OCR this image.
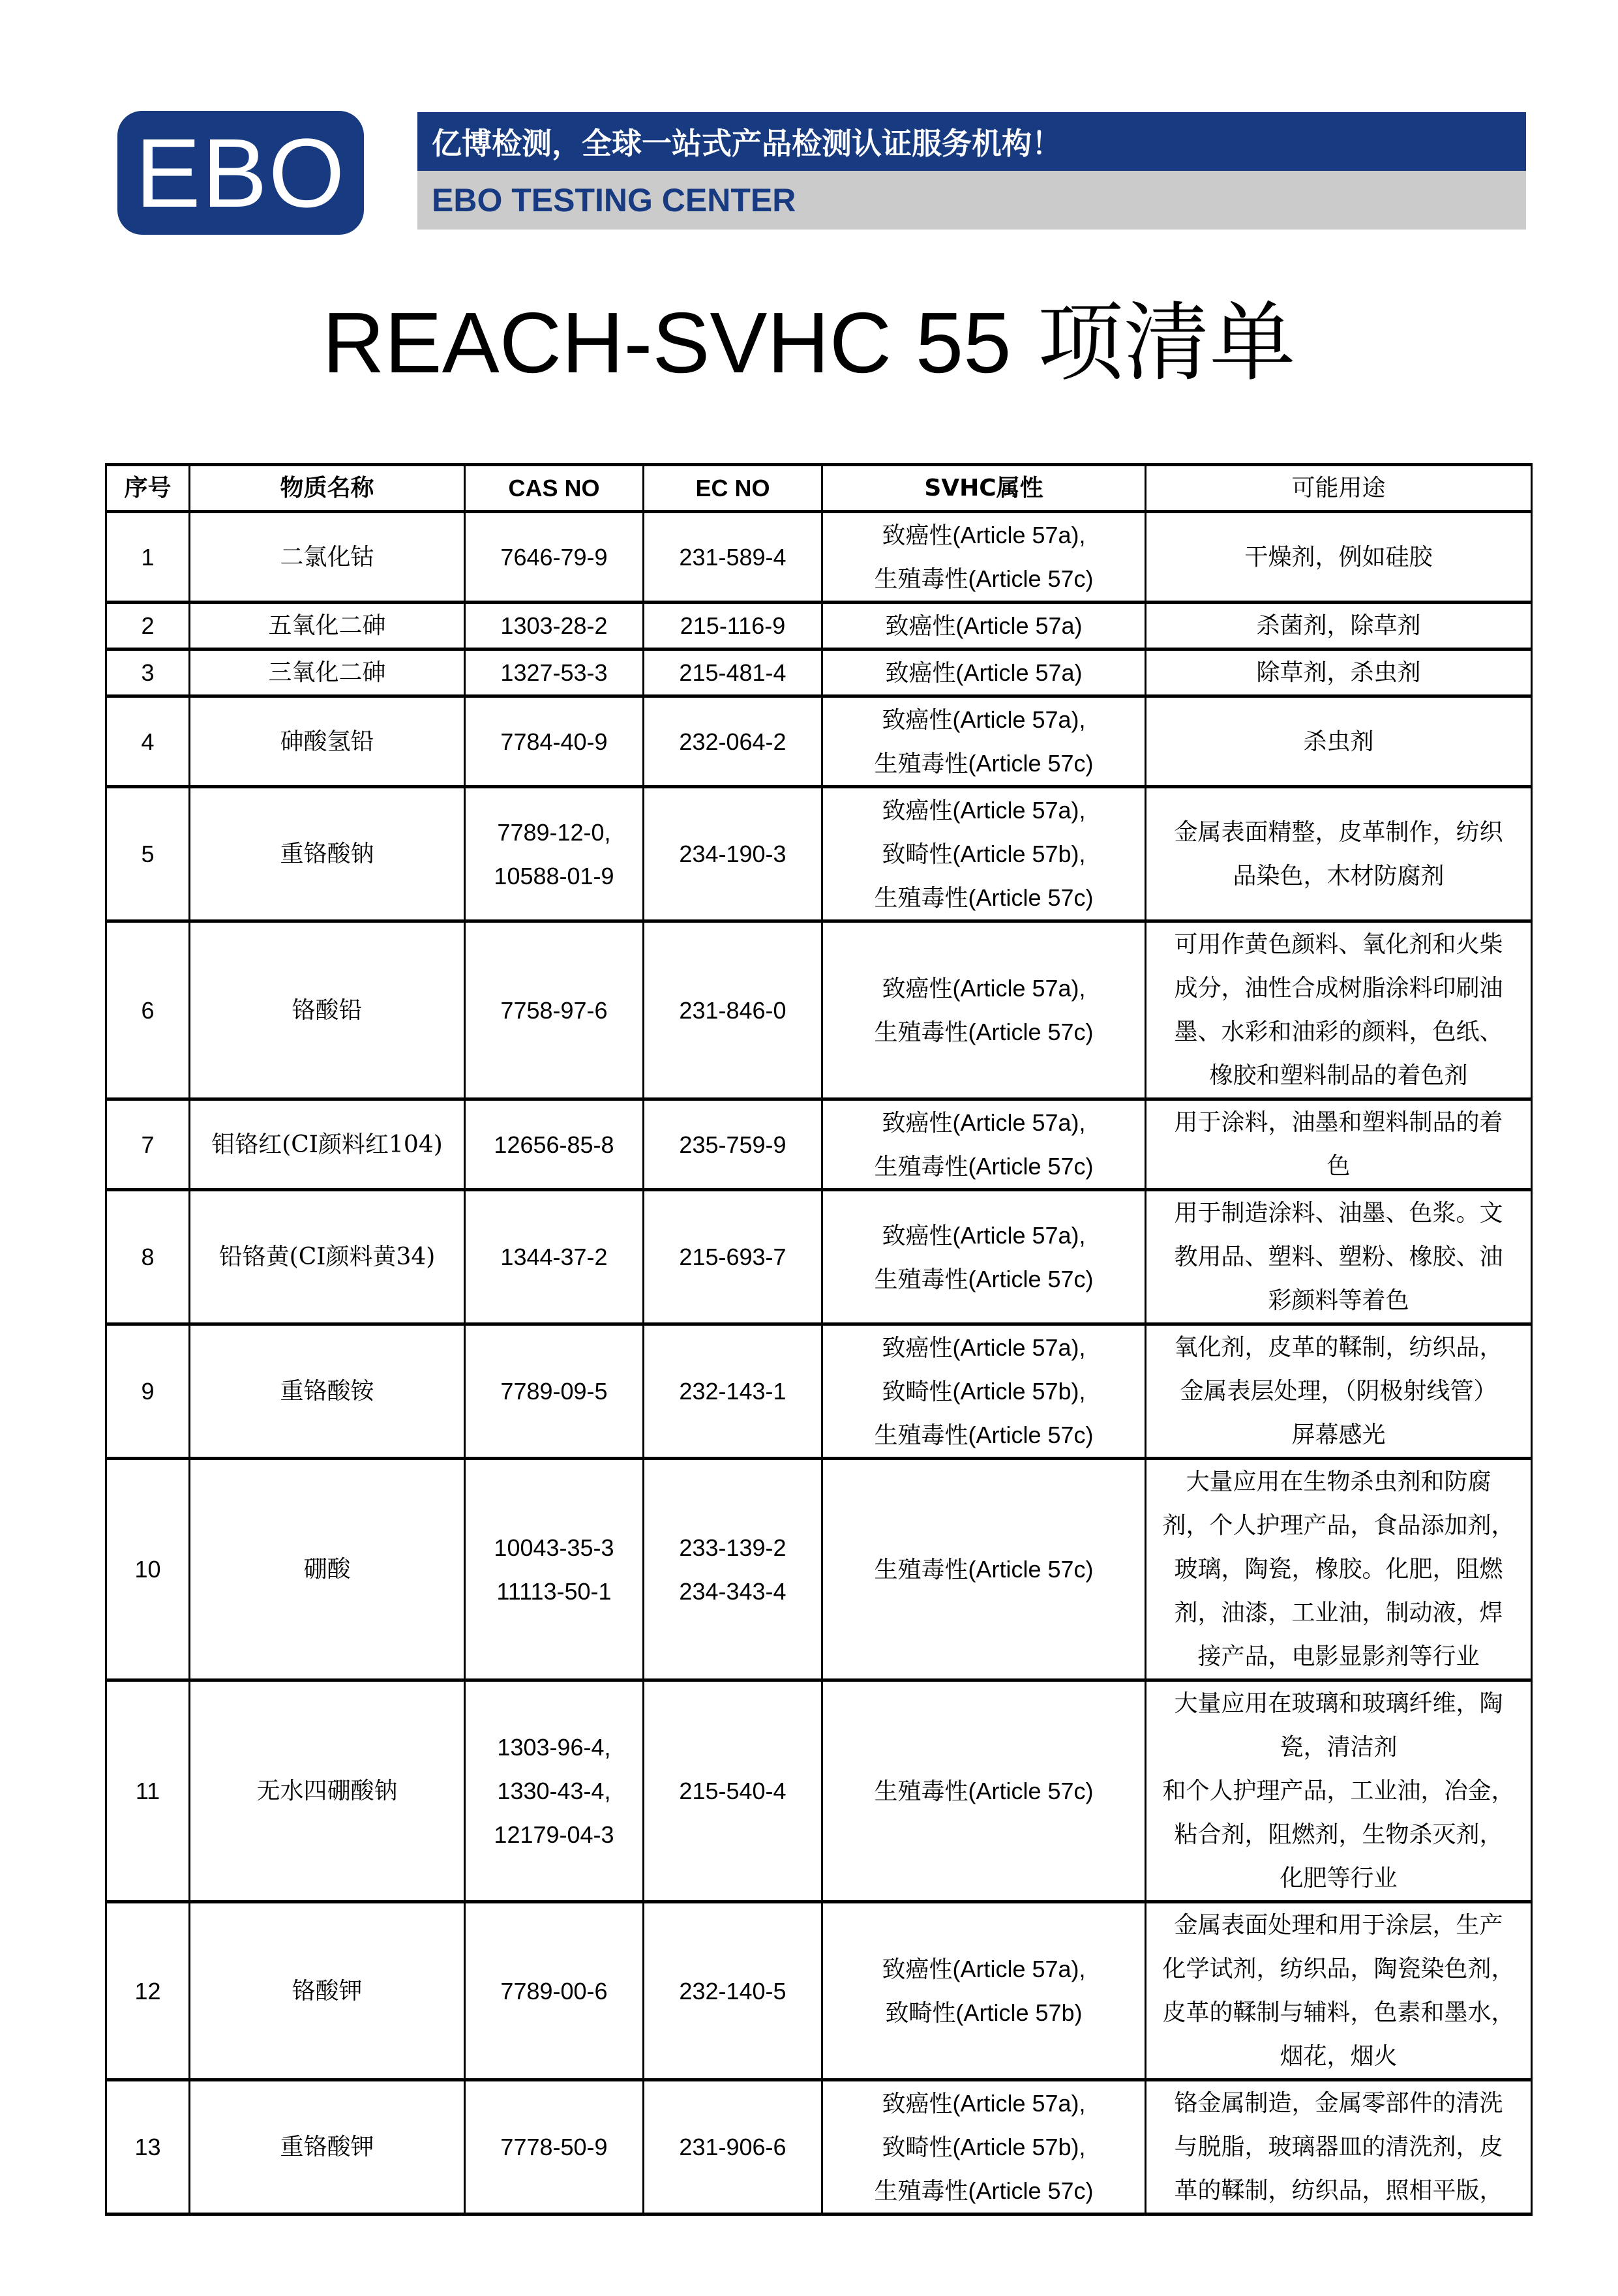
EBO	亿博检测，全球一站式产品检测认证服务机构！
EBO TESTING CENTER
REACH-SVHC 55 项清单
序号	物质名称	CAS NO	EC NO	SVHC属性	可能用途
1	二氯化钴	7646-79-9	231-589-4	致癌性(Article 57a),
生殖毒性(Article 57c)	干燥剂，例如硅胶

2	五氧化二砷	1303-28-2	215-116-9	致癌性(Article 57a)	杀菌剂，除草剂

3	三氧化二砷	1327-53-3	215-481-4	致癌性(Article 57a)	除草剂，杀虫剂

4	砷酸氢铅	7784-40-9	232-064-2	致癌性(Article 57a),
生殖毒性(Article 57c)	杀虫剂

5	重铬酸钠	7789-12-0,
10588-01-9	234-190-3	致癌性(Article 57a),
致畸性(Article 57b),
生殖毒性(Article 57c)	金属表面精整，皮革制作，纺织
品染色，木材防腐剂

6	铬酸铅	7758-97-6	231-846-0	致癌性(Article 57a),
生殖毒性(Article 57c)	可用作黄色颜料、氧化剂和火柴
成分，油性合成树脂涂料印刷油
墨、水彩和油彩的颜料，色纸、
橡胶和塑料制品的着色剂

7	钼铬红(CI颜料红104)	12656-85-8	235-759-9	致癌性(Article 57a),
生殖毒性(Article 57c)	用于涂料，油墨和塑料制品的着
色

8	铅铬黄(CI颜料黄34)	1344-37-2	215-693-7	致癌性(Article 57a),
生殖毒性(Article 57c)	用于制造涂料、油墨、色浆。文
教用品、塑料、塑粉、橡胶、油
彩颜料等着色

9	重铬酸铵	7789-09-5	232-143-1	致癌性(Article 57a),
致畸性(Article 57b),
生殖毒性(Article 57c)	氧化剂，皮革的鞣制，纺织品，
金属表层处理，（阴极射线管）
屏幕感光

10	硼酸	10043-35-3
11113-50-1	233-139-2
234-343-4	生殖毒性(Article 57c)	大量应用在生物杀虫剂和防腐
剂，个人护理产品，食品添加剂，
玻璃，陶瓷，橡胶。化肥，阻燃
剂，油漆，工业油，制动液，焊
接产品，电影显影剂等行业

11	无水四硼酸钠	1303-96-4,
1330-43-4,
12179-04-3	215-540-4	生殖毒性(Article 57c)	大量应用在玻璃和玻璃纤维，陶
瓷，清洁剂
和个人护理产品，工业油，冶金，
粘合剂，阻燃剂，生物杀灭剂，
化肥等行业

12	铬酸钾	7789-00-6	232-140-5	致癌性(Article 57a),
致畸性(Article 57b)	金属表面处理和用于涂层，生产
化学试剂，纺织品，陶瓷染色剂，
皮革的鞣制与辅料，色素和墨水，
烟花，烟火

13	重铬酸钾	7778-50-9	231-906-6	致癌性(Article 57a),
致畸性(Article 57b),
生殖毒性(Article 57c)	铬金属制造，金属零部件的清洗
与脱脂，玻璃器皿的清洗剂，皮
革的鞣制，纺织品，照相平版，
